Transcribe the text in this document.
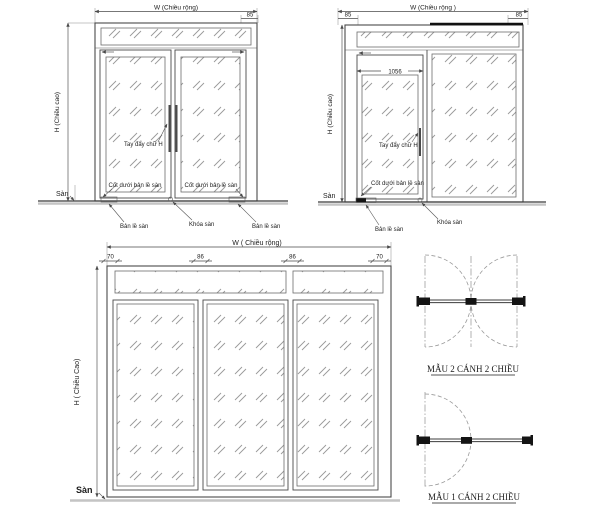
W (Chiều rộng)
85
H (Chiều cao)
Tay đẩy chữ H
Cốt dưới bản lề sàn	Cốt dưới bản lề sàn
Sàn
Bản lề sàn	Khóa sàn	Bản lề sàn
W (Chiều rộng )
85	85
H (Chiều cao)
1056
Tay đẩy chữ H
Cốt dưới bản lề sàn
Sàn
Bản lề sàn
Khóa sàn
W ( Chiều rộng)
70	86	86	70
H ( Chiều Cao)
Sàn
MẪU 2 CÁNH 2 CHIỀU
MẪU 1 CÁNH 2 CHIỀU
